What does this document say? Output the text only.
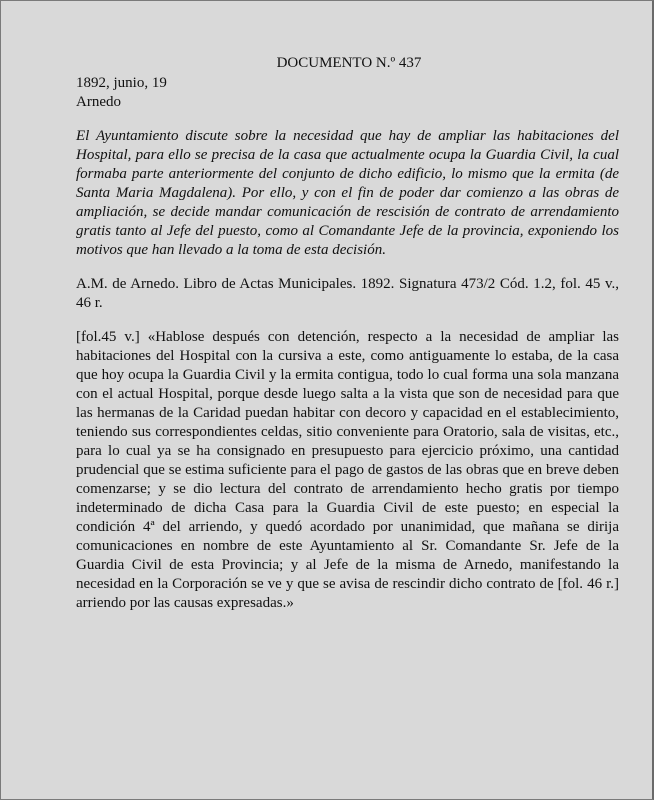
DOCUMENTO N.º 437
1892, junio, 19
Arnedo
El Ayuntamiento discute sobre la necesidad que hay de ampliar las habitaciones del Hospital, para ello se precisa de la casa que actualmente ocupa la Guardia Civil, la cual formaba parte anteriormente del conjunto de dicho edificio, lo mismo que la ermita (de Santa Maria Magdalena). Por ello, y con el fin de poder dar comienzo a las obras de ampliación, se decide mandar comunicación de rescisión de contrato de arrendamiento gratis tanto al Jefe del puesto, como al Comandante Jefe de la provincia, exponiendo los motivos que han llevado a la toma de esta decisión.
A.M. de Arnedo. Libro de Actas Municipales. 1892. Signatura 473/2 Cód. 1.2, fol. 45 v., 46 r.
[fol.45 v.] «Hablose después con detención, respecto a la necesidad de ampliar las habitaciones del Hospital con la cursiva a este, como antiguamente lo estaba, de la casa que hoy ocupa la Guardia Civil y la ermita contigua, todo lo cual forma una sola manzana con el actual Hospital, porque desde luego salta a la vista que son de necesidad para que las hermanas de la Caridad puedan habitar con decoro y capacidad en el establecimiento, teniendo sus correspondientes celdas, sitio conveniente para Oratorio, sala de visitas, etc., para lo cual ya se ha consignado en presupuesto para ejercicio próximo, una cantidad prudencial que se estima suficiente para el pago de gastos de las obras que en breve deben comenzarse; y se dio lectura del contrato de arrendamiento hecho gratis por tiempo indeterminado de dicha Casa para la Guardia Civil de este puesto; en especial la condición 4ª del arriendo, y quedó acordado por unanimidad, que mañana se dirija comunicaciones en nombre de este Ayuntamiento al Sr. Comandante Sr. Jefe de la Guardia Civil de esta Provincia; y al Jefe de la misma de Arnedo, manifestando la necesidad en la Corporación se ve y que se avisa de rescindir dicho contrato de [fol. 46 r.] arriendo por las causas expresadas.»
